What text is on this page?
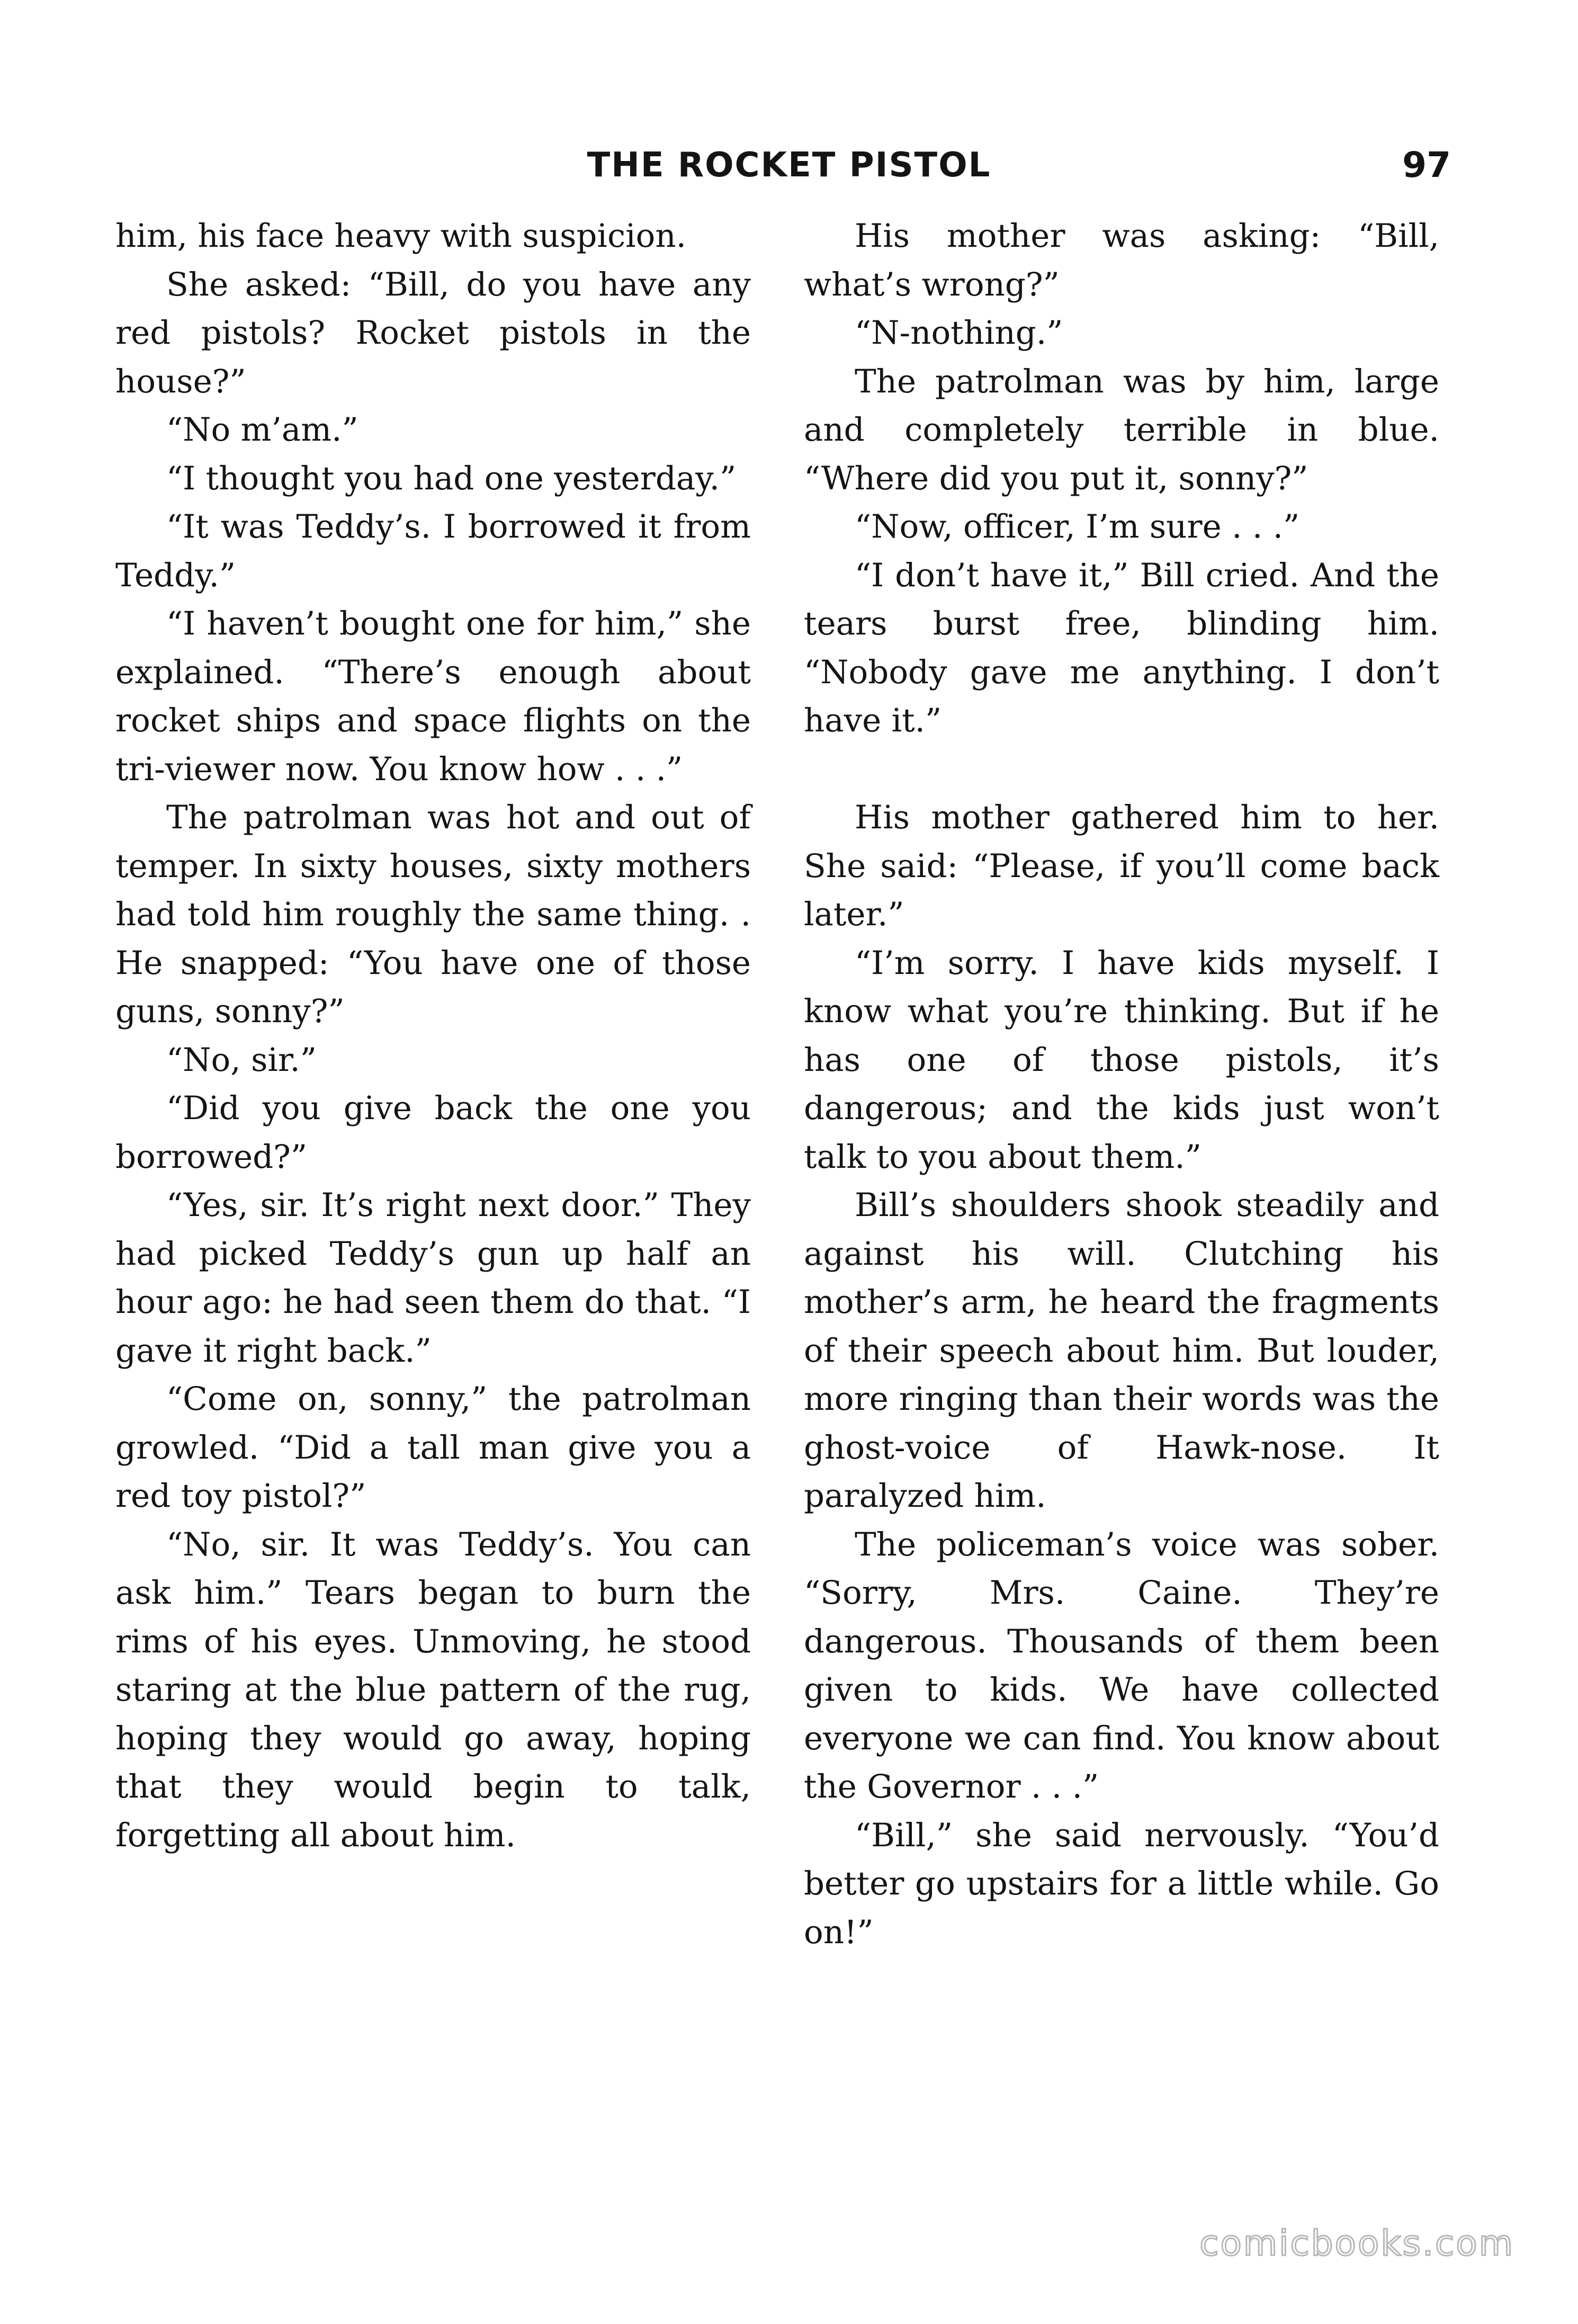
THE ROCKET PISTOL	97

him, his face heavy with suspicion.

She asked: “Bill, do you have any red pistols? Rocket pistols in the house?”

“No m’am.”

“I thought you had one yesterday.”

“It was Teddy’s. I borrowed it from Teddy.”

“I haven’t bought one for him,” she explained. “There’s enough about rocket ships and space flights on the tri-viewer now. You know how . . .”

The patrolman was hot and out of temper. In sixty houses, sixty mothers had told him roughly the same thing. . He snapped: “You have one of those guns, sonny?”

“No, sir.”

“Did you give back the one you borrowed?”

“Yes, sir. It’s right next door.” They had picked Teddy’s gun up half an hour ago: he had seen them do that. “I gave it right back.”

“Come on, sonny,” the patrolman growled. “Did a tall man give you a red toy pistol?”

“No, sir. It was Teddy’s. You can ask him.” Tears began to burn the rims of his eyes. Unmoving, he stood staring at the blue pattern of the rug, hoping they would go away, hoping that they would begin to talk, forgetting all about him.

His mother was asking: “Bill, what’s wrong?”

“N-nothing.”

The patrolman was by him, large and completely terrible in blue. “Where did you put it, sonny?”

“Now, officer, I’m sure . . .”

“I don’t have it,” Bill cried. And the tears burst free, blinding him. “Nobody gave me anything. I don’t have it.”

His mother gathered him to her. She said: “Please, if you’ll come back later.”

“I’m sorry. I have kids myself. I know what you’re thinking. But if he has one of those pistols, it’s dangerous; and the kids just won’t talk to you about them.”

Bill’s shoulders shook steadily and against his will. Clutching his mother’s arm, he heard the fragments of their speech about him. But louder, more ringing than their words was the ghost-voice of Hawk-nose. It paralyzed him.

The policeman’s voice was sober. “Sorry, Mrs. Caine. They’re dangerous. Thousands of them been given to kids. We have collected everyone we can find. You know about the Governor . . .”

“Bill,” she said nervously. “You’d better go upstairs for a little while. Go on!”

comicbooks.com
